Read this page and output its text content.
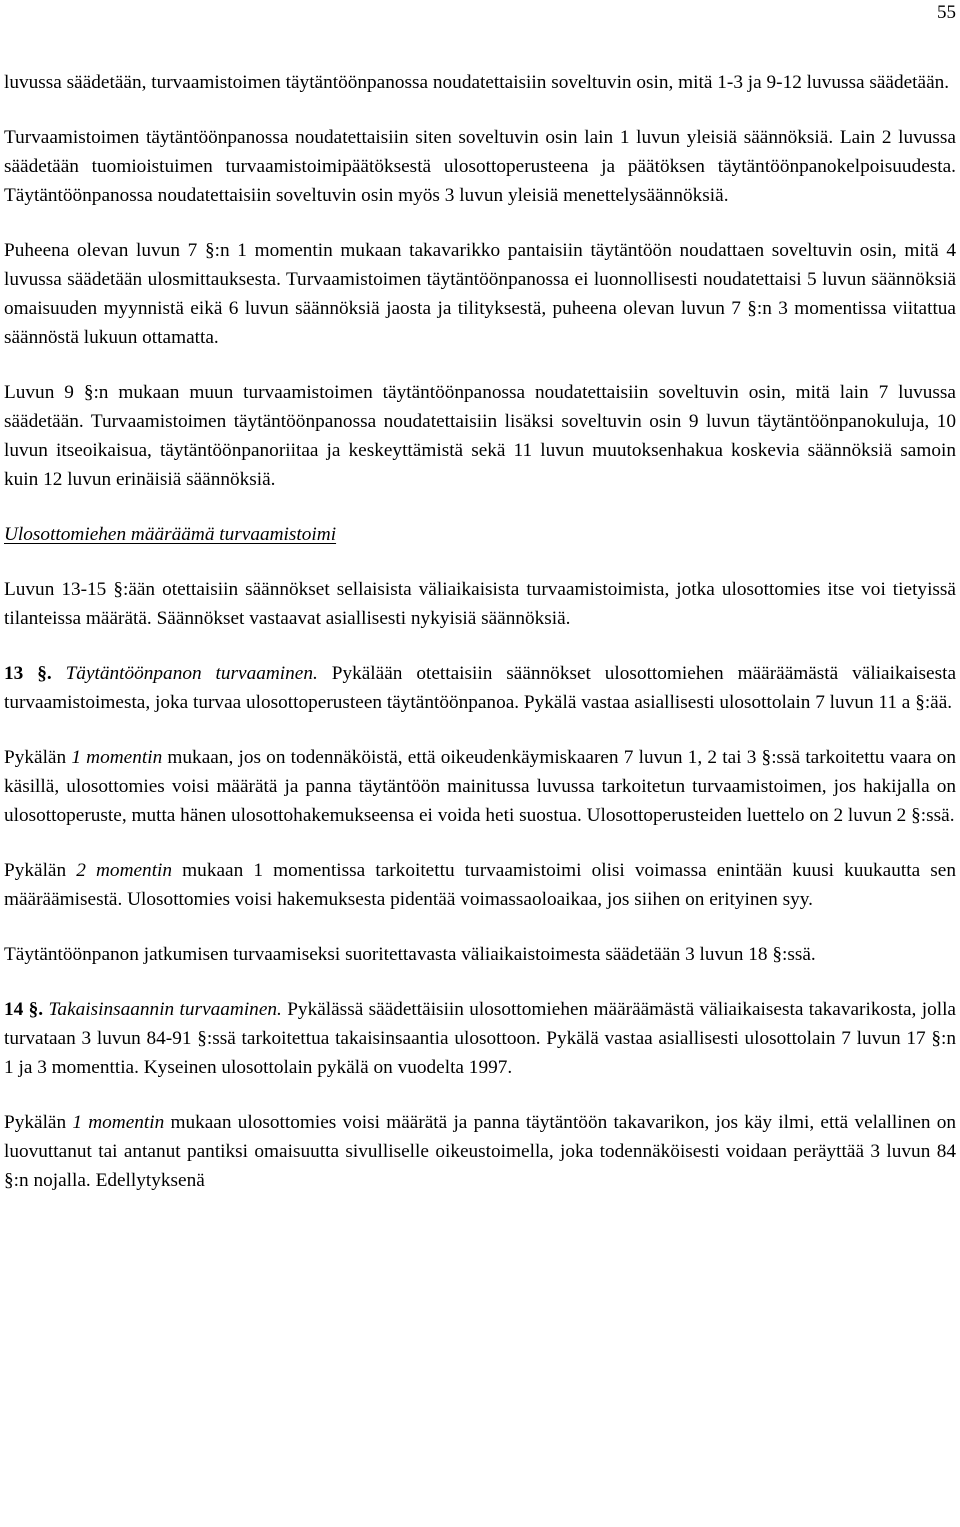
55

luvussa säädetään, turvaamistoimen täytäntöönpanossa noudatettaisiin soveltuvin osin, mitä 1-3 ja 9-12 luvussa säädetään.

Turvaamistoimen täytäntöönpanossa noudatettaisiin siten soveltuvin osin lain 1 luvun yleisiä säännöksiä. Lain 2 luvussa säädetään tuomioistuimen turvaamistoimipäätöksestä ulosottoperusteena ja päätöksen täytäntöönpanokelpoisuudesta. Täytäntöönpanossa noudatettaisiin soveltuvin osin myös 3 luvun yleisiä menettelysäännöksiä.

Puheena olevan luvun 7 §:n 1 momentin mukaan takavarikko pantaisiin täytäntöön noudattaen soveltuvin osin, mitä 4 luvussa säädetään ulosmittauksesta. Turvaamistoimen täytäntöönpanossa ei luonnollisesti noudatettaisi 5 luvun säännöksiä omaisuuden myynnistä eikä 6 luvun säännöksiä jaosta ja tilityksestä, puheena olevan luvun 7 §:n 3 momentissa viitattua säännöstä lukuun ottamatta.

Luvun 9 §:n mukaan muun turvaamistoimen täytäntöönpanossa noudatettaisiin soveltuvin osin, mitä lain 7 luvussa säädetään. Turvaamistoimen täytäntöönpanossa noudatettaisiin lisäksi soveltuvin osin 9 luvun täytäntöönpanokuluja, 10 luvun itseoikaisua, täytäntöönpanoriitaa ja keskeyttämistä sekä 11 luvun muutoksenhakua koskevia säännöksiä samoin kuin 12 luvun erinäisiä säännöksiä.

Ulosottomiehen määräämä turvaamistoimi

Luvun 13-15 §:ään otettaisiin säännökset sellaisista väliaikaisista turvaamistoimista, jotka ulosottomies itse voi tietyissä tilanteissa määrätä. Säännökset vastaavat asiallisesti nykyisiä säännöksiä.

13 §. Täytäntöönpanon turvaaminen. Pykälään otettaisiin säännökset ulosottomiehen määräämästä väliaikaisesta turvaamistoimesta, joka turvaa ulosottoperusteen täytäntöönpanoa. Pykälä vastaa asiallisesti ulosottolain 7 luvun 11 a §:ää.

Pykälän 1 momentin mukaan, jos on todennäköistä, että oikeudenkäymiskaaren 7 luvun 1, 2 tai 3 §:ssä tarkoitettu vaara on käsillä, ulosottomies voisi määrätä ja panna täytäntöön mainitussa luvussa tarkoitetun turvaamistoimen, jos hakijalla on ulosottoperuste, mutta hänen ulosottohakemukseensa ei voida heti suostua. Ulosottoperusteiden luettelo on 2 luvun 2 §:ssä.

Pykälän 2 momentin mukaan 1 momentissa tarkoitettu turvaamistoimi olisi voimassa enintään kuusi kuukautta sen määräämisestä. Ulosottomies voisi hakemuksesta pidentää voimassaoloaikaa, jos siihen on erityinen syy.

Täytäntöönpanon jatkumisen turvaamiseksi suoritettavasta väliaikaistoimesta säädetään 3 luvun 18 §:ssä.

14 §. Takaisinsaannin turvaaminen. Pykälässä säädettäisiin ulosottomiehen määräämästä väliaikaisesta takavarikosta, jolla turvataan 3 luvun 84-91 §:ssä tarkoitettua takaisinsaantia ulosottoon. Pykälä vastaa asiallisesti ulosottolain 7 luvun 17 §:n 1 ja 3 momenttia. Kyseinen ulosottolain pykälä on vuodelta 1997.

Pykälän 1 momentin mukaan ulosottomies voisi määrätä ja panna täytäntöön takavarikon, jos käy ilmi, että velallinen on luovuttanut tai antanut pantiksi omaisuutta sivulliselle oikeustoimella, joka todennäköisesti voidaan peräyttää 3 luvun 84 §:n nojalla. Edellytyksenä
